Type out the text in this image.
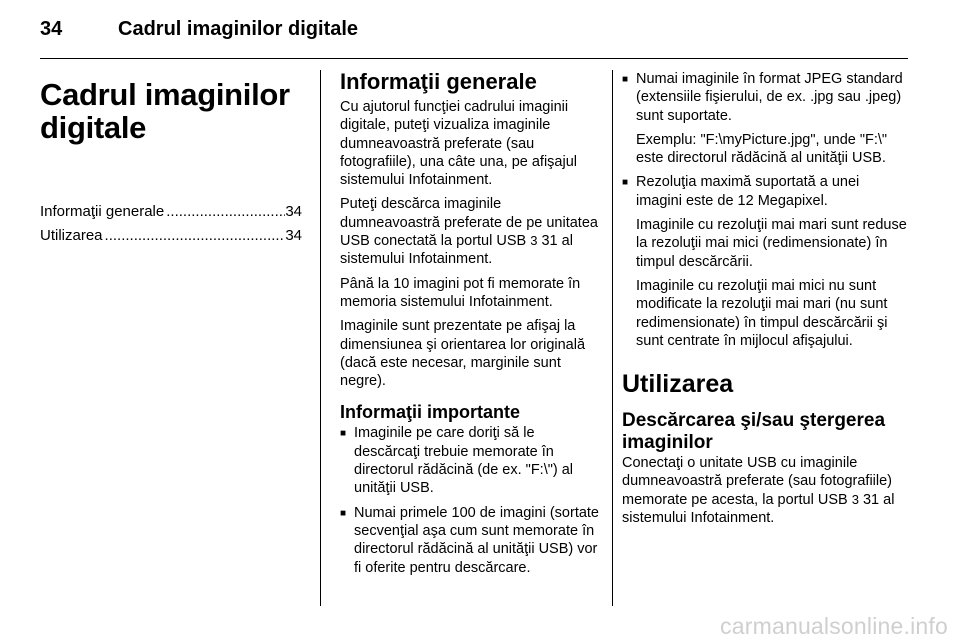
34	Cadrul imaginilor digitale
Cadrul imaginilor digitale
Informaţii generale .....	34
Utilizarea .....	34
Informaţii generale

Cu ajutorul funcţiei cadrului imaginii digitale, puteţi vizualiza imaginile dumneavoastră preferate (sau fotografiile), una câte una, pe afişajul sistemului Infotainment.

Puteţi descărca imaginile dumneavoastră preferate de pe unitatea USB conectată la portul USB 3 31 al sistemului Infotainment.

Până la 10 imagini pot fi memorate în memoria sistemului Infotainment.

Imaginile sunt prezentate pe afişaj la dimensiunea şi orientarea lor originală (dacă este necesar, marginile sunt negre).

Informaţii importante
■ Imaginile pe care doriţi să le descărcaţi trebuie memorate în directorul rădăcină (de ex. "F:\") al unităţii USB.
■ Numai primele 100 de imagini (sortate secvenţial aşa cum sunt memorate în directorul rădăcină al unităţii USB) vor fi oferite pentru descărcare.
■ Numai imaginile în format JPEG standard (extensiile fişierului, de ex. .jpg sau .jpeg) sunt suportate.
Exemplu: "F:\myPicture.jpg", unde "F:\" este directorul rădăcină al unităţii USB.
■ Rezoluţia maximă suportată a unei imagini este de 12 Megapixel.
Imaginile cu rezoluţii mai mari sunt reduse la rezoluţii mai mici (redimensionate) în timpul descărcării.
Imaginile cu rezoluţii mai mici nu sunt modificate la rezoluţii mai mari (nu sunt redimensionate) în timpul descărcării şi sunt centrate în mijlocul afişajului.
Utilizarea
Descărcarea şi/sau ştergerea imaginilor

Conectaţi o unitate USB cu imaginile dumneavoastră preferate (sau fotografiile) memorate pe acesta, la portul USB 3 31 al sistemului Infotainment.

carmanualsonline.info
